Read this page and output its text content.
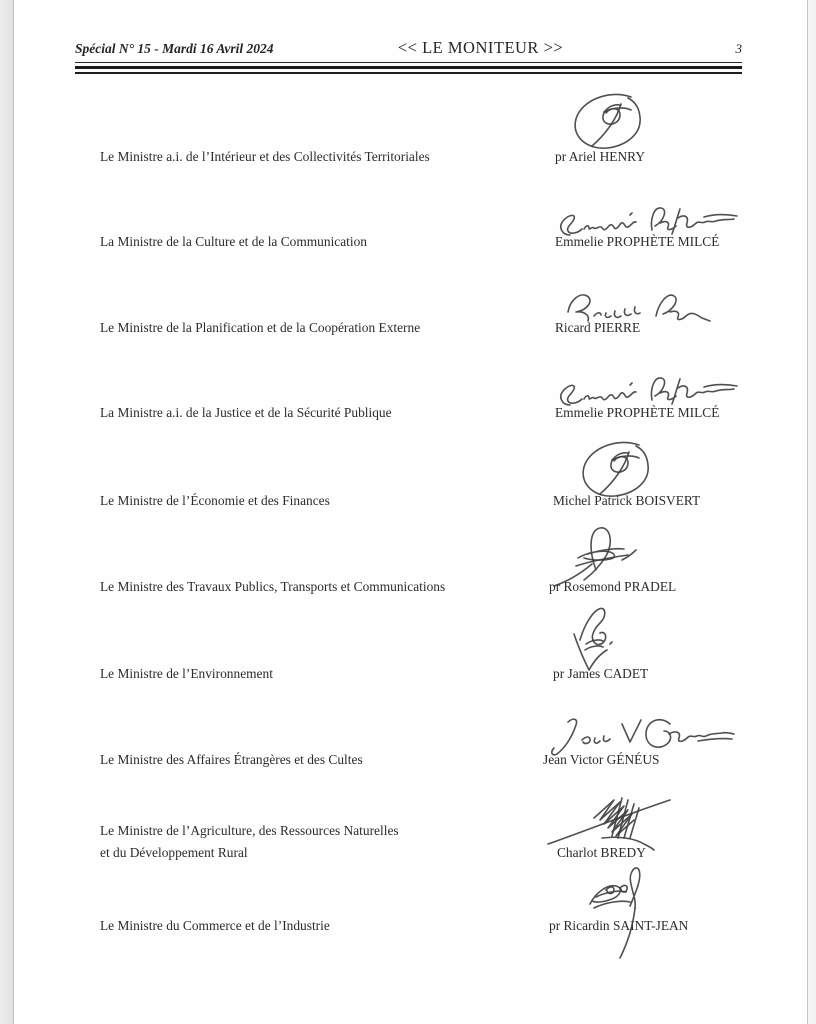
Spécial N° 15 - Mardi 16 Avril 2024	<< LE MONITEUR >>	3
Le Ministre a.i. de l’Intérieur et des Collectivités Territoriales	pr Ariel HENRY
La Ministre de la Culture et de la Communication	Emmelie PROPHÈTE MILCÉ
Le Ministre de la Planification et de la Coopération Externe	Ricard PIERRE
La Ministre a.i. de la Justice et de la Sécurité Publique	Emmelie PROPHÈTE MILCÉ
Le Ministre de l’Économie et des Finances	Michel Patrick BOISVERT
Le Ministre des Travaux Publics, Transports et Communications	pr Rosemond PRADEL
Le Ministre de l’Environnement	pr James CADET
Le Ministre des Affaires Étrangères et des Cultes	Jean Victor GÉNÉUS
Le Ministre de l’Agriculture, des Ressources Naturelles
et du Développement Rural	Charlot BREDY
Le Ministre du Commerce et de l’Industrie	pr Ricardin SAINT-JEAN
